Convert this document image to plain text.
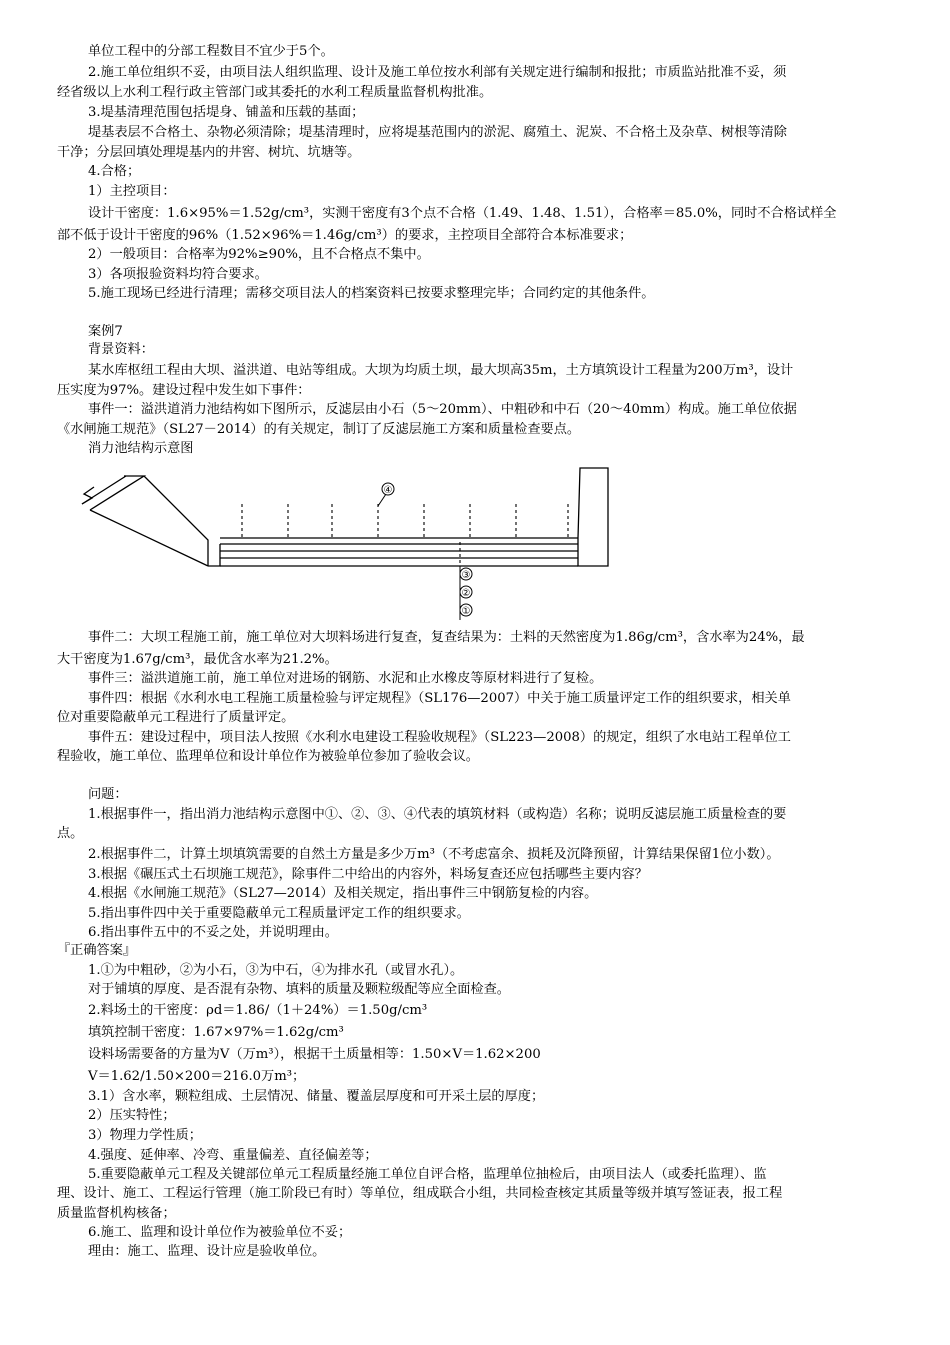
单位工程中的分部工程数目不宜少于5个。
2.施工单位组织不妥，由项目法人组织监理、设计及施工单位按水利部有关规定进行编制和报批；市质监站批准不妥，须
经省级以上水利工程行政主管部门或其委托的水利工程质量监督机构批准。
3.堤基清理范围包括堤身、铺盖和压载的基面；
堤基表层不合格土、杂物必须清除；堤基清理时，应将堤基范围内的淤泥、腐殖土、泥炭、不合格土及杂草、树根等清除
干净；分层回填处理堤基内的井窖、树坑、坑塘等。
4.合格；
1）主控项目：
设计干密度：1.6×95%＝1.52g/cm³，实测干密度有3个点不合格（1.49、1.48、1.51），合格率＝85.0%，同时不合格试样全
部不低于设计干密度的96%（1.52×96%＝1.46g/cm³）的要求，主控项目全部符合本标准要求；
2）一般项目：合格率为92%≥90%，且不合格点不集中。
3）各项报验资料均符合要求。
5.施工现场已经进行清理；需移交项目法人的档案资料已按要求整理完毕；合同约定的其他条件。
案例7
背景资料：
某水库枢纽工程由大坝、溢洪道、电站等组成。大坝为均质土坝，最大坝高35m，土方填筑设计工程量为200万m³，设计
压实度为97%。建设过程中发生如下事件：
事件一：溢洪道消力池结构如下图所示，反滤层由小石（5～20mm）、中粗砂和中石（20～40mm）构成。施工单位依据
《水闸施工规范》（SL27－2014）的有关规定，制订了反滤层施工方案和质量检查要点。
消力池结构示意图
④
③
②
①
事件二：大坝工程施工前，施工单位对大坝料场进行复查，复查结果为：土料的天然密度为1.86g/cm³，含水率为24%，最
大干密度为1.67g/cm³，最优含水率为21.2%。
事件三：溢洪道施工前，施工单位对进场的钢筋、水泥和止水橡皮等原材料进行了复检。
事件四：根据《水利水电工程施工质量检验与评定规程》（SL176—2007）中关于施工质量评定工作的组织要求，相关单
位对重要隐蔽单元工程进行了质量评定。
事件五：建设过程中，项目法人按照《水利水电建设工程验收规程》（SL223—2008）的规定，组织了水电站工程单位工
程验收，施工单位、监理单位和设计单位作为被验单位参加了验收会议。
问题：
1.根据事件一，指出消力池结构示意图中①、②、③、④代表的填筑材料（或构造）名称；说明反滤层施工质量检查的要
点。
2.根据事件二，计算土坝填筑需要的自然土方量是多少万m³（不考虑富余、损耗及沉降预留，计算结果保留1位小数）。
3.根据《碾压式土石坝施工规范》，除事件二中给出的内容外，料场复查还应包括哪些主要内容？
4.根据《水闸施工规范》（SL27—2014）及相关规定，指出事件三中钢筋复检的内容。
5.指出事件四中关于重要隐蔽单元工程质量评定工作的组织要求。
6.指出事件五中的不妥之处，并说明理由。
『正确答案』
1.①为中粗砂，②为小石，③为中石，④为排水孔（或冒水孔）。
对于铺填的厚度、是否混有杂物、填料的质量及颗粒级配等应全面检查。
2.料场土的干密度：ρd＝1.86/（1＋24%）＝1.50g/cm³
填筑控制干密度：1.67×97%＝1.62g/cm³
设料场需要备的方量为V（万m³），根据干土质量相等：1.50×V＝1.62×200
V＝1.62/1.50×200＝216.0万m³；
3.1）含水率，颗粒组成、土层情况、储量、覆盖层厚度和可开采土层的厚度；
2）压实特性；
3）物理力学性质；
4.强度、延伸率、冷弯、重量偏差、直径偏差等；
5.重要隐蔽单元工程及关键部位单元工程质量经施工单位自评合格，监理单位抽检后，由项目法人（或委托监理）、监
理、设计、施工、工程运行管理（施工阶段已有时）等单位，组成联合小组，共同检查核定其质量等级并填写签证表，报工程
质量监督机构核备；
6.施工、监理和设计单位作为被验单位不妥；
理由：施工、监理、设计应是验收单位。
